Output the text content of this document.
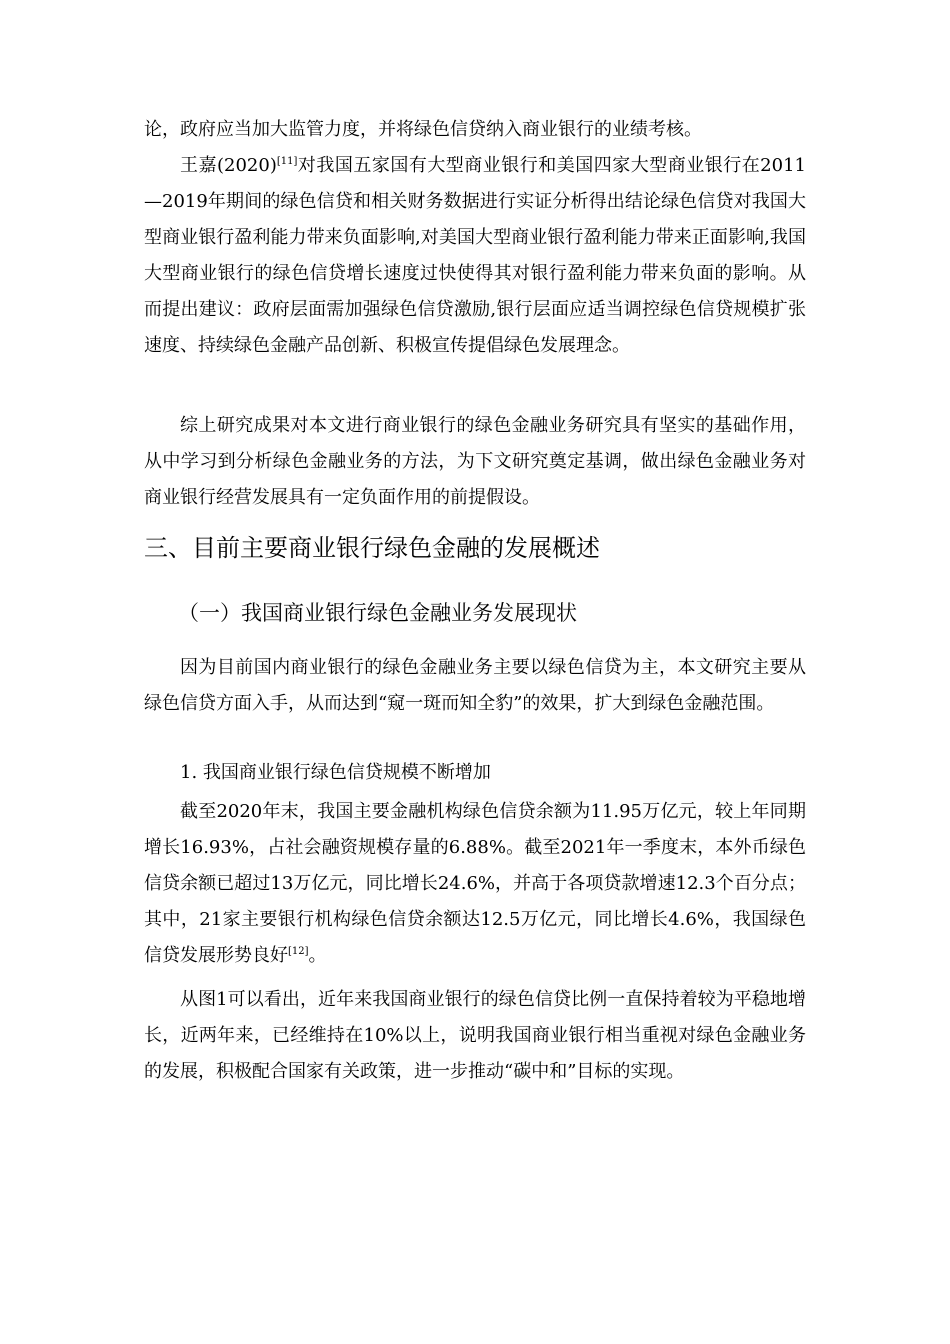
论，政府应当加大监管力度，并将绿色信贷纳入商业银行的业绩考核。

王嘉(2020)[11]对我国五家国有大型商业银行和美国四家大型商业银行在2011—2019年期间的绿色信贷和相关财务数据进行实证分析得出结论绿色信贷对我国大型商业银行盈利能力带来负面影响,对美国大型商业银行盈利能力带来正面影响,我国大型商业银行的绿色信贷增长速度过快使得其对银行盈利能力带来负面的影响。从而提出建议：政府层面需加强绿色信贷激励,银行层面应适当调控绿色信贷规模扩张速度、持续绿色金融产品创新、积极宣传提倡绿色发展理念。

综上研究成果对本文进行商业银行的绿色金融业务研究具有坚实的基础作用，从中学习到分析绿色金融业务的方法，为下文研究奠定基调，做出绿色金融业务对商业银行经营发展具有一定负面作用的前提假设。

三、目前主要商业银行绿色金融的发展概述
（一）我国商业银行绿色金融业务发展现状

因为目前国内商业银行的绿色金融业务主要以绿色信贷为主，本文研究主要从绿色信贷方面入手，从而达到“窥一斑而知全豹”的效果，扩大到绿色金融范围。

1. 我国商业银行绿色信贷规模不断增加

截至2020年末，我国主要金融机构绿色信贷余额为11.95万亿元，较上年同期增长16.93%，占社会融资规模存量的6.88%。截至2021年一季度末，本外币绿色信贷余额已超过13万亿元，同比增长24.6%，并高于各项贷款增速12.3个百分点；其中，21家主要银行机构绿色信贷余额达12.5万亿元，同比增长4.6%，我国绿色信贷发展形势良好[12]。

从图1可以看出，近年来我国商业银行的绿色信贷比例一直保持着较为平稳地增长，近两年来，已经维持在10%以上，说明我国商业银行相当重视对绿色金融业务的发展，积极配合国家有关政策，进一步推动“碳中和”目标的实现。
